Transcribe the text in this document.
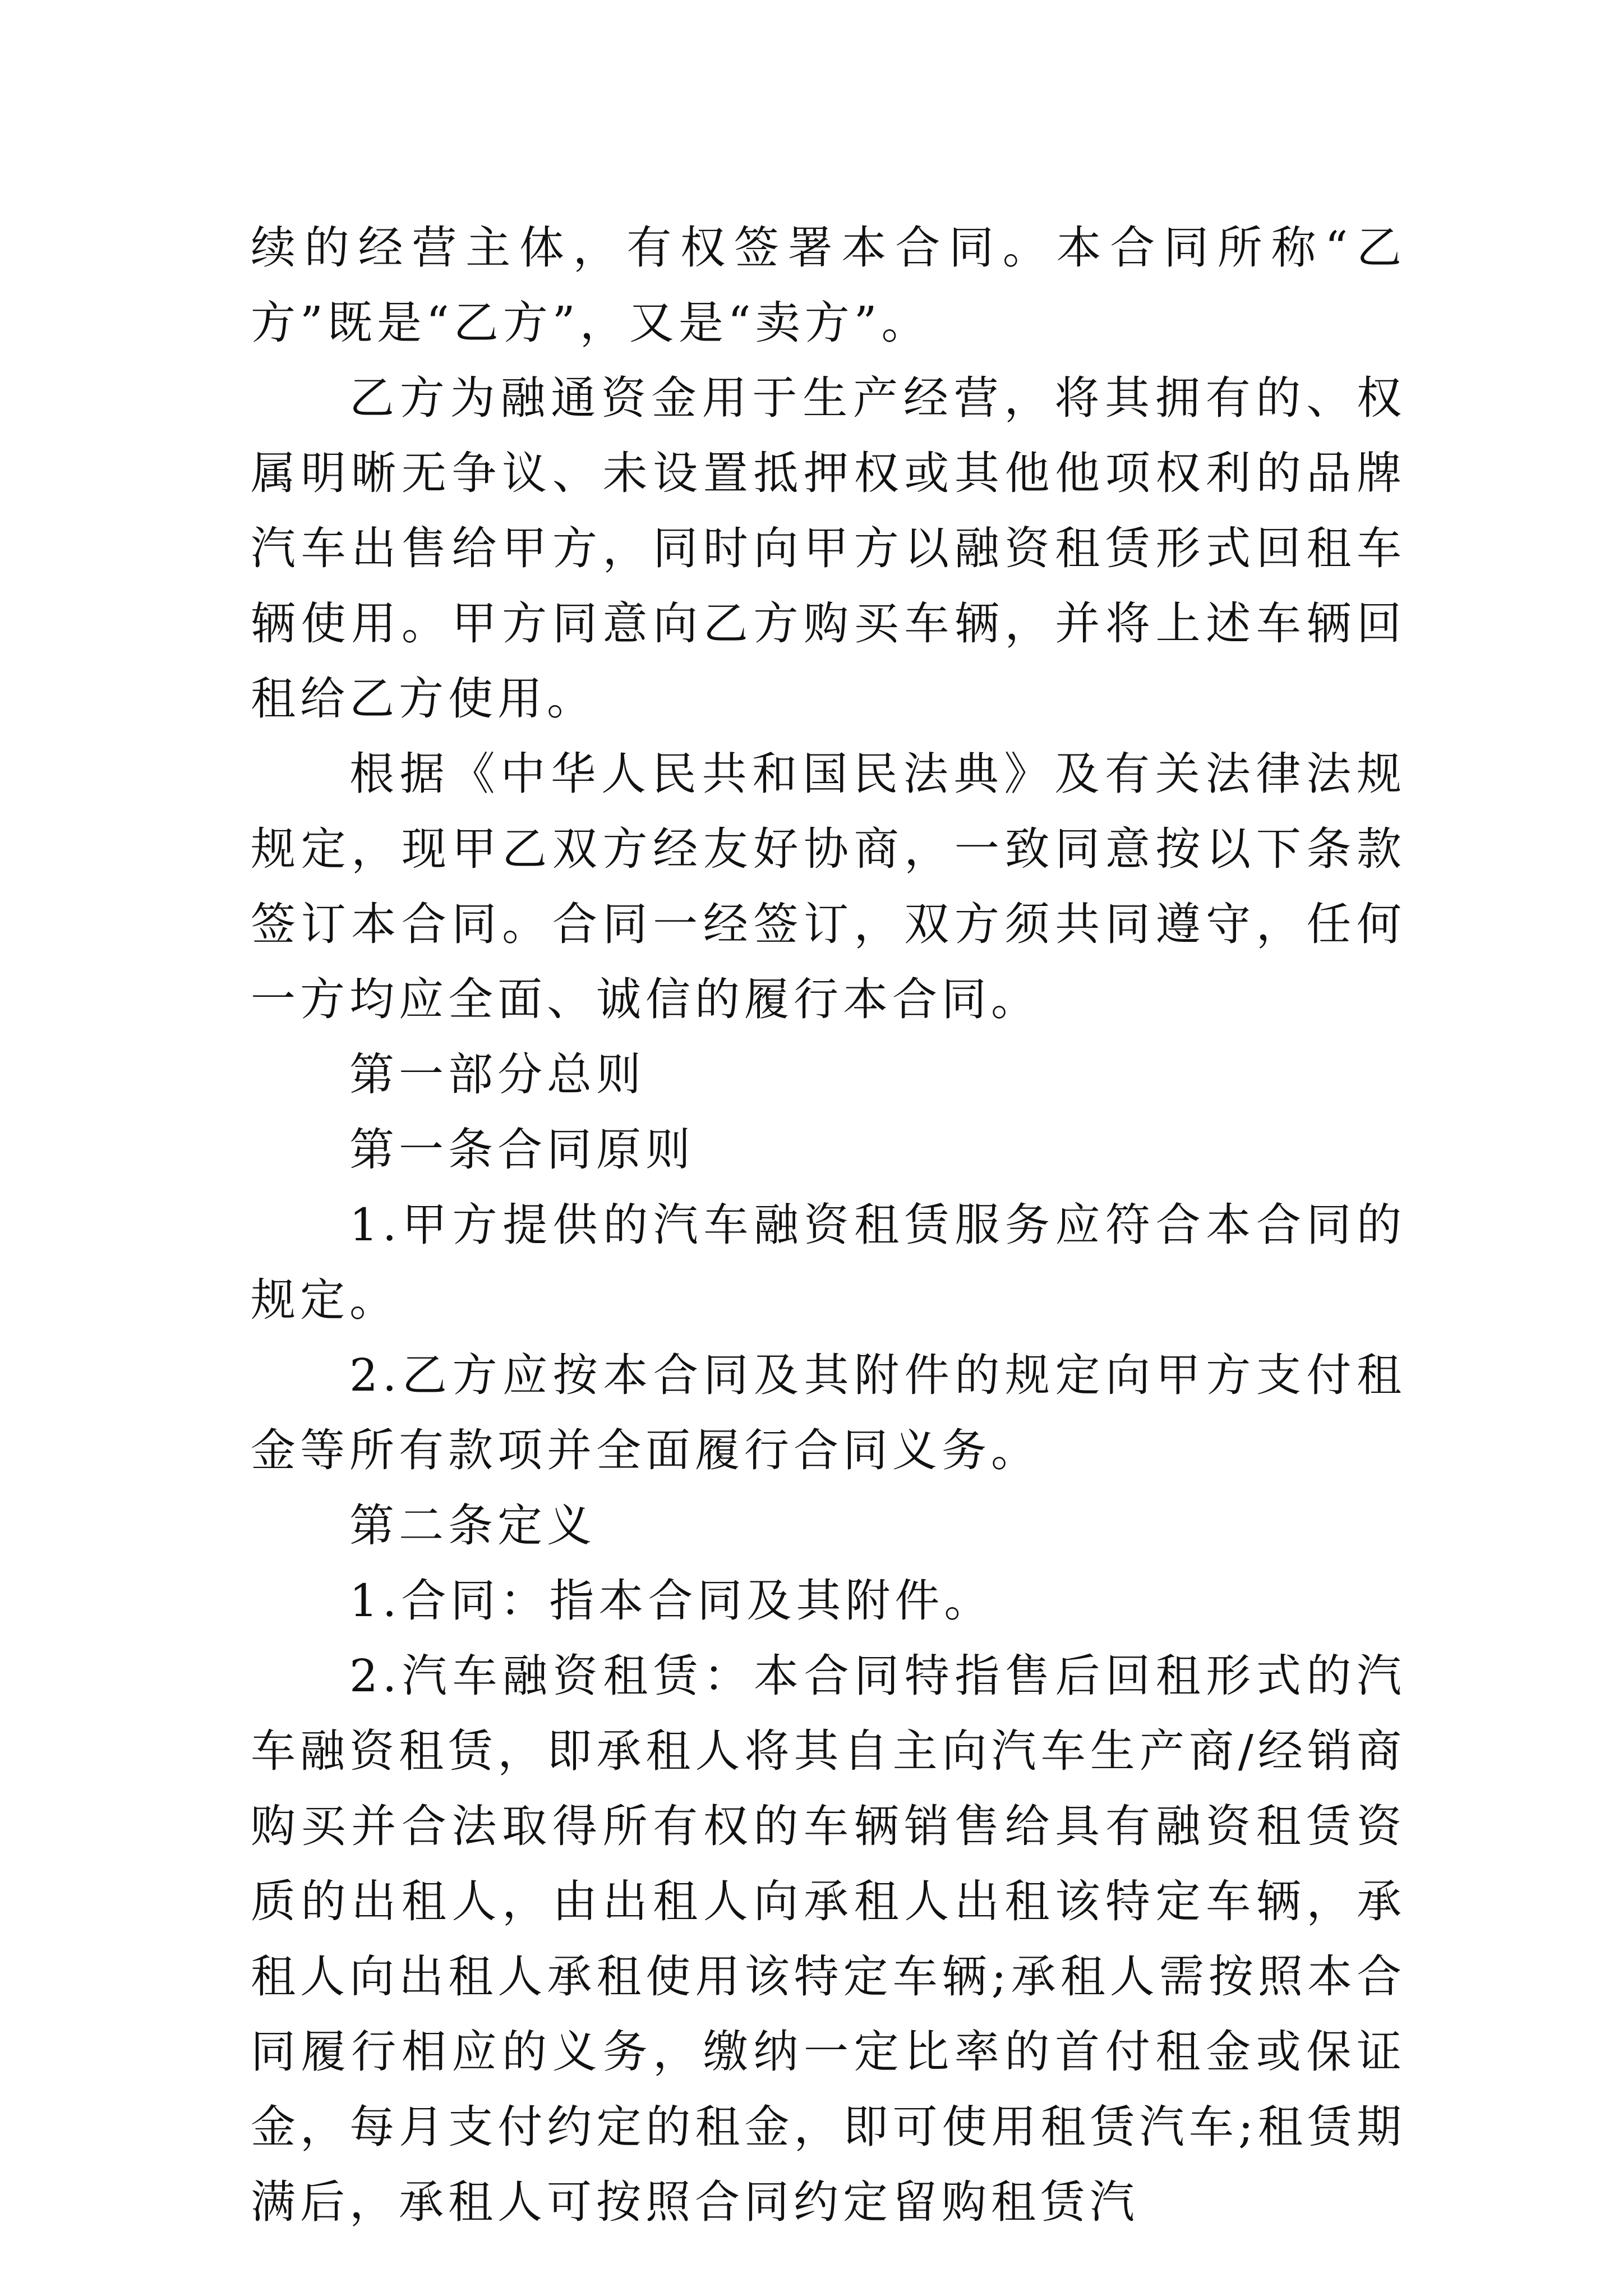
续的经营主体，有权签署本合同。本合同所称“乙方”既是“乙方”，又是“卖方”。

乙方为融通资金用于生产经营，将其拥有的、权属明晰无争议、未设置抵押权或其他他项权利的品牌汽车出售给甲方，同时向甲方以融资租赁形式回租车辆使用。甲方同意向乙方购买车辆，并将上述车辆回租给乙方使用。

根据《中华人民共和国民法典》及有关法律法规规定，现甲乙双方经友好协商，一致同意按以下条款签订本合同。合同一经签订，双方须共同遵守，任何一方均应全面、诚信的履行本合同。

第一部分总则

第一条合同原则

1.甲方提供的汽车融资租赁服务应符合本合同的规定。

2.乙方应按本合同及其附件的规定向甲方支付租金等所有款项并全面履行合同义务。

第二条定义

1.合同：指本合同及其附件。

2.汽车融资租赁：本合同特指售后回租形式的汽车融资租赁，即承租人将其自主向汽车生产商/经销商购买并合法取得所有权的车辆销售给具有融资租赁资质的出租人，由出租人向承租人出租该特定车辆，承租人向出租人承租使用该特定车辆;承租人需按照本合同履行相应的义务，缴纳一定比率的首付租金或保证金，每月支付约定的租金，即可使用租赁汽车;租赁期满后，承租人可按照合同约定留购租赁汽
